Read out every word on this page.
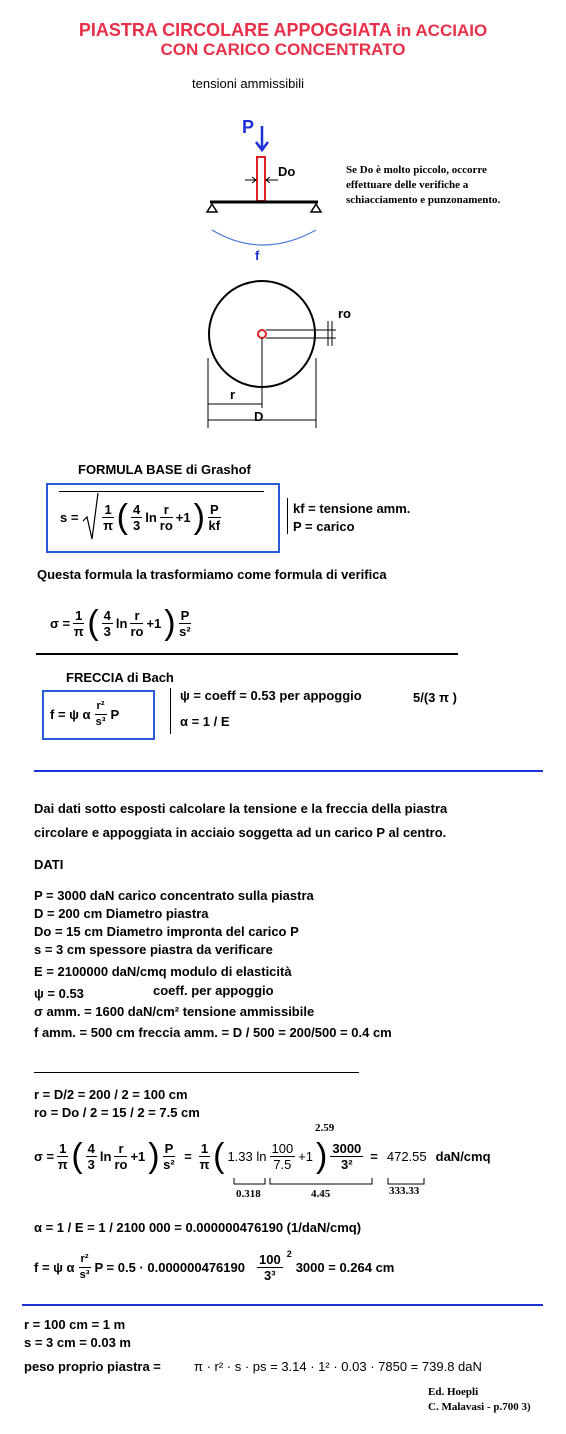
PIASTRA CIRCOLARE APPOGGIATA in ACCIAIO
CON CARICO CONCENTRATO
tensioni ammissibili
Do
P
f
ro
r
D
Se Do è molto piccolo, occorre
effettuare delle verifiche a
schiacciamento e punzonamento.
FORMULA BASE di Grashof
$s = \frac{1}{\pi}$ ( $\frac{4}{3}$ $\ln \frac{r}{ro} +1$ ) $\frac{P}{kf}$	kf = tensione amm.
P = carico
Questa formula la trasformiamo come formula di verifica
$\sigma = \frac{1}{\pi}$ ( $\frac{4}{3}$ $\ln \frac{r}{ro} +1$ ) $\frac{P}{\text{s²}}$
FRECCIA di Bach
f = ψ α $\frac{\text{r²}}{\text{s³}}$ P
ψ = coeff = 0.53 per appoggio	5/(3 π )
α = 1 / E
Dai dati sotto esposti calcolare la tensione e la freccia della piastra
circolare e appoggiata in acciaio soggetta ad un carico P al centro.
DATI
P = 3000 daN carico concentrato sulla piastra
D = 200 cm Diametro piastra
Do = 15 cm Diametro impronta del carico P
s = 3 cm spessore piastra da verificare
E = 2100000 daN/cmq modulo di elasticità
ψ = 0.53	coeff. per appoggio
σ amm. = 1600 daN/cm² tensione ammissibile
f amm. = 500 cm freccia amm. = D / 500 = 200/500 = 0.4 cm
r = D/2 = 200 / 2 = 100 cm
ro = Do / 2 = 15 / 2 = 7.5 cm
2.59
$\sigma = \frac{1}{\pi}$ ( $\frac{4}{3}$ $\ln \frac{r}{ro} +1$ ) $\frac{P}{\text{s²}} = \frac{1}{\pi}$ ( 1.33 $\ln \frac{100}{7.5} +1$ ) $\frac{3000}{\text{3²}} = 472.55$ daN/cmq
0.318	4.45	333.33
α = 1 / E = 1 / 2100 000 = 0.000000476190 (1/daN/cmq)
f = ψ α $\frac{\text{r²}}{\text{s³}}$ $P = 0.5 \cdot 0.000000476190 \frac{100}{\text{3³}} 2$
3000 = 0.264 cm
r = 100 cm = 1 m
s = 3 cm = 0.03 m
peso proprio piastra =	π · r² · s · ps = 3.14 · 1² · 0.03 · 7850 = 739.8 daN
Ed. Hoepli
C. Malavasi - p.700 3)
